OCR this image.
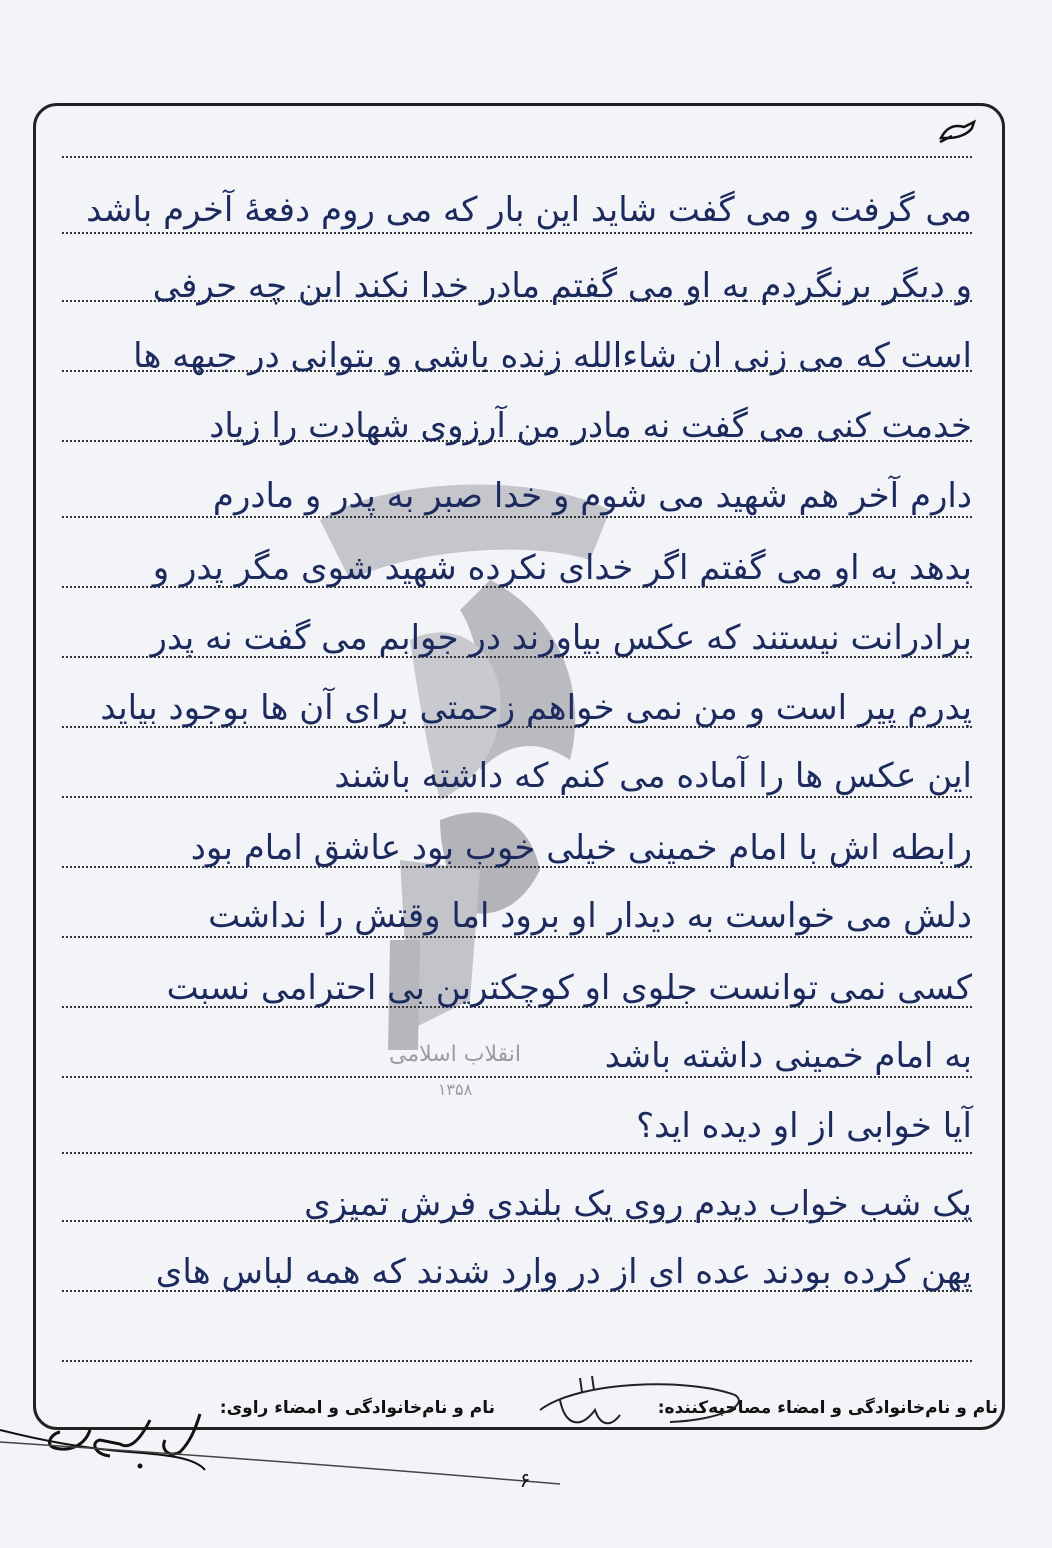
انقلاب اسلامی
۱۳۵۸
می گرفت و می گفت شاید این بار که می روم دفعهٔ آخرم باشد
و دیگر برنگردم به او می گفتم مادر خدا نکند این چه حرفی
است که می زنی ان شاءالله زنده باشی و بتوانی در جبهه ها
خدمت کنی می گفت نه مادر من آرزوی شهادت را زیاد
دارم آخر هم شهید می شوم و خدا صبر به پدر و مادرم
بدهد به او می گفتم اگر خدای نکرده شهید شوی مگر پدر و
برادرانت نیستند که عکس بیاورند در جوابم می گفت نه پدر
پدرم پیر است و من نمی خواهم زحمتی برای آن ها بوجود بیاید
این عکس ها را آماده می کنم که داشته باشند
رابطه اش با امام خمینی خیلی خوب بود عاشق امام بود
دلش می خواست به دیدار او برود اما وقتش را نداشت
کسی نمی توانست جلوی او کوچکترین بی احترامی نسبت
به امام خمینی داشته باشد
آیا خوابی از او دیده اید؟
یک شب خواب دیدم روی یک بلندی فرش تمیزی
پهن کرده بودند عده ای از در وارد شدند که همه لباس های
نام و نام‌خانوادگی و امضاء مصاحبه‌کننده:
نام و نام‌خانوادگی و امضاء راوی:
۶
